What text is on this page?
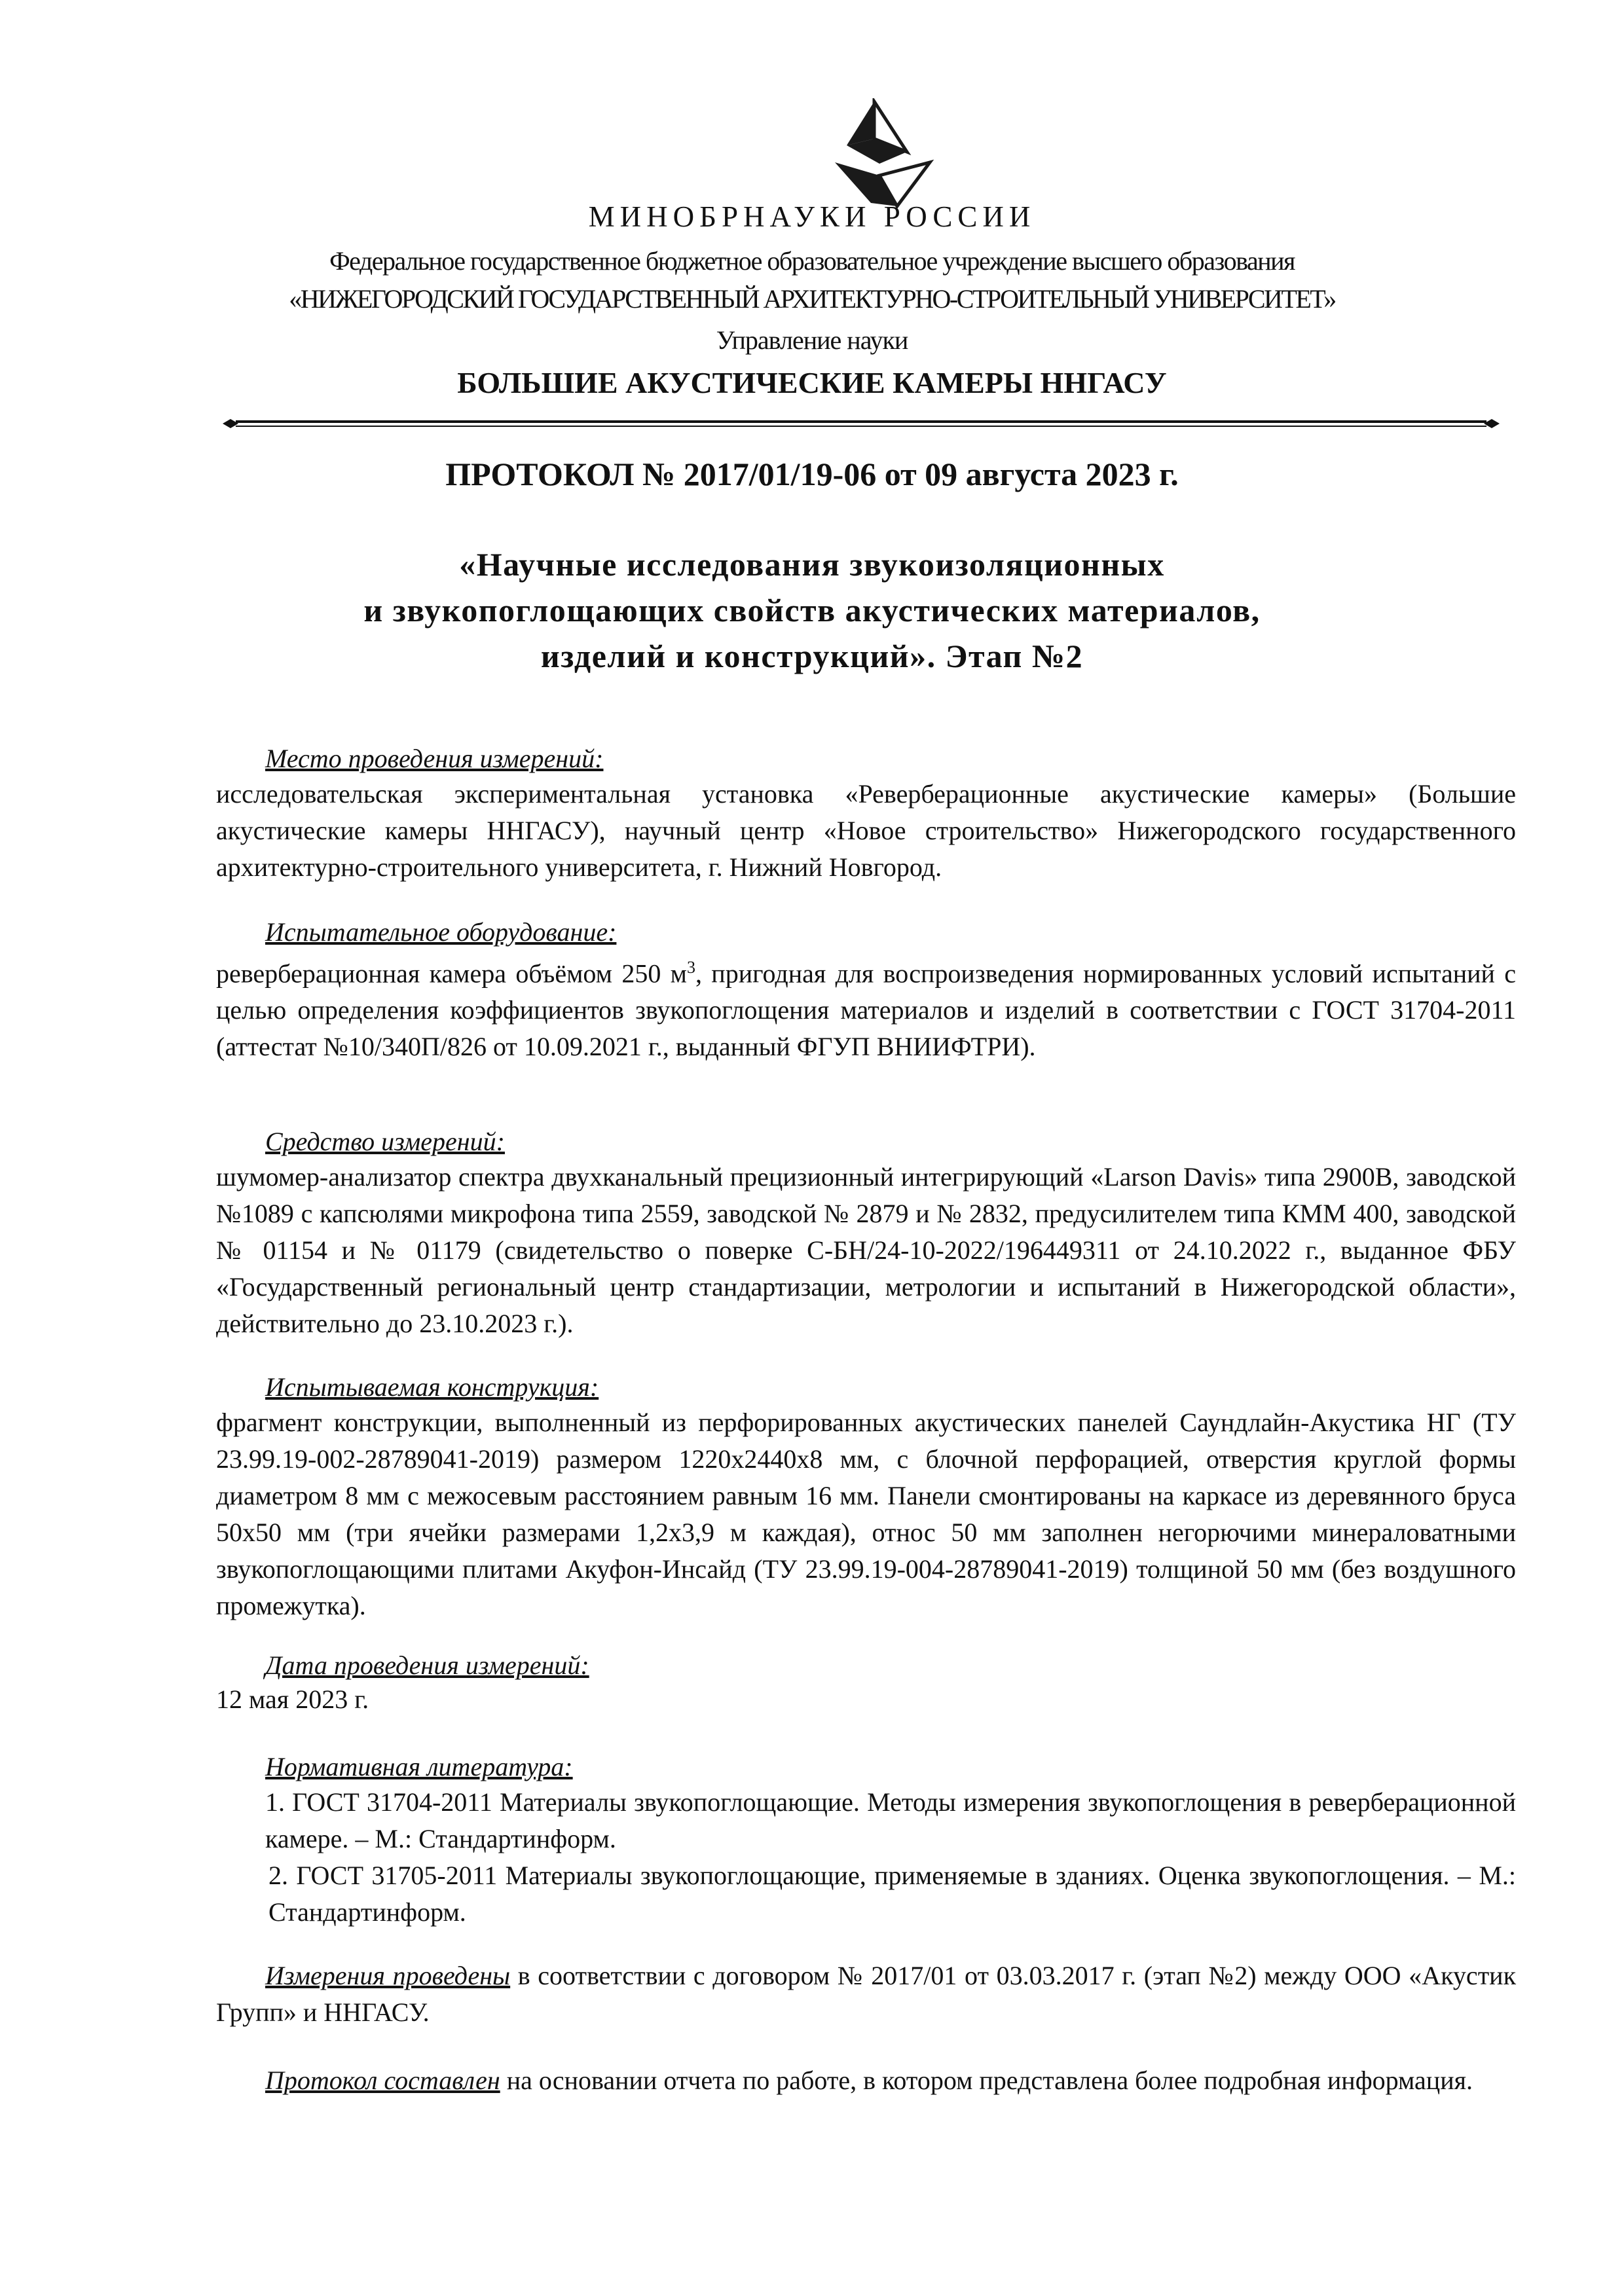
МИНОБРНАУКИ РОССИИ
Федеральное государственное бюджетное образовательное учреждение высшего образования
«НИЖЕГОРОДСКИЙ ГОСУДАРСТВЕННЫЙ АРХИТЕКТУРНО-СТРОИТЕЛЬНЫЙ УНИВЕРСИТЕТ»
Управление науки
БОЛЬШИЕ АКУСТИЧЕСКИЕ КАМЕРЫ ННГАСУ
ПРОТОКОЛ № 2017/01/19-06 от 09 августа 2023 г.
«Научные исследования звукоизоляционных
и звукопоглощающих свойств акустических материалов,
изделий и конструкций». Этап №2
Место проведения измерений:
исследовательская экспериментальная установка «Реверберационные акустические камеры» (Большие акустические камеры ННГАСУ), научный центр «Новое строительство» Нижегородского государственного архитектурно-строительного университета, г. Нижний Новгород.
Испытательное оборудование:
реверберационная камера объёмом 250 $м^3$, пригодная для воспроизведения нормированных условий испытаний с целью определения коэффициентов звукопоглощения материалов и изделий в соответствии с ГОСТ 31704-2011 (аттестат №10/340П/826 от 10.09.2021 г., выданный ФГУП ВНИИФТРИ).
Средство измерений:
шумомер-анализатор спектра двухканальный прецизионный интегрирующий «Larson Davis» типа 2900B, заводской №1089 с капсюлями микрофона типа 2559, заводской № 2879 и № 2832, предусилителем типа КММ 400, заводской № 01154 и № 01179 (свидетельство о поверке С-БН/24-10-2022/196449311 от 24.10.2022 г., выданное ФБУ «Государственный региональный центр стандартизации, метрологии и испытаний в Нижегородской области», действительно до 23.10.2023 г.).
Испытываемая конструкция:
фрагмент конструкции, выполненный из перфорированных акустических панелей Саундлайн-Акустика НГ (ТУ 23.99.19-002-28789041-2019) размером 1220x2440x8 мм, с блочной перфорацией, отверстия круглой формы диаметром 8 мм с межосевым расстоянием равным 16 мм. Панели смонтированы на каркасе из деревянного бруса 50x50 мм (три ячейки размерами 1,2x3,9 м каждая), относ 50 мм заполнен негорючими минераловатными звукопоглощающими плитами Акуфон-Инсайд (ТУ 23.99.19-004-28789041-2019) толщиной 50 мм (без воздушного промежутка).
Дата проведения измерений:
12 мая 2023 г.
Нормативная литература:
1. ГОСТ 31704-2011 Материалы звукопоглощающие. Методы измерения звукопоглощения в реверберационной камере. – М.: Стандартинформ.
2. ГОСТ 31705-2011 Материалы звукопоглощающие, применяемые в зданиях. Оценка звукопоглощения. – М.: Стандартинформ.
Измерения проведены в соответствии с договором № 2017/01 от 03.03.2017 г. (этап №2) между ООО «Акустик Групп» и ННГАСУ.
Протокол составлен на основании отчета по работе, в котором представлена более подробная информация.
